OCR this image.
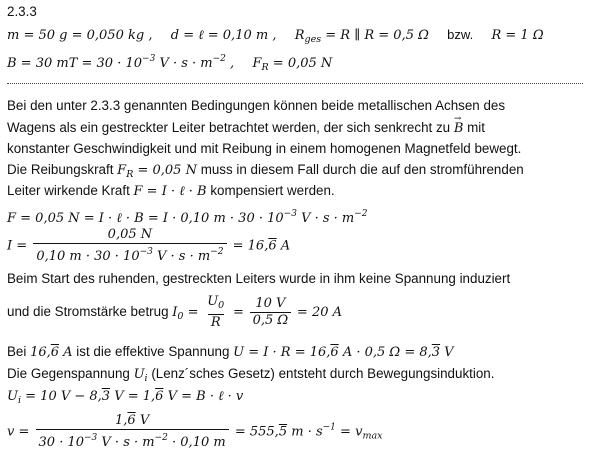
2.3.3
m = 50 g = 0,050 kg , d = ℓ = 0,10 m , $R_{ges} = R$ ∥ R = 0,5 Ω bzw. R = 1 Ω
B = 30 mT = $30 \cdot 10^{-3}$ $V \cdot s \cdot m^{-2}$ , $F_R = 0,05$ N
Bei den unter 2.3.3 genannten Bedingungen können beide metallischen Achsen des
Wagens als ein gestreckter Leiter betrachtet werden, der sich senkrecht zu → B mit
konstanter Geschwindigkeit und mit Reibung in einem homogenen Magnetfeld bewegt.
Die Reibungskraft $F_R = 0,05$ N muss in diesem Fall durch die auf den stromführenden
Leiter wirkende Kraft F = I · ℓ · B kompensiert werden.
F = 0,05 N = I · ℓ · B = I · 0,10 $m \cdot 30 \cdot 10^{-3}$ $V \cdot s \cdot m^{-2}$
$I = \frac{0,05 N}{0,10 m \cdot 30 \cdot 10^{-3} V \cdot s \cdot m^{-2}} = 16,6$ A
Beim Start des ruhenden, gestreckten Leiters wurde in ihm keine Spannung induziert
und die Stromstärke betrug $I_0 = \frac{U_0}{R} = \frac{10 V}{0,5 \Omega} = 20$ A
Bei 16,6 A ist die effektive Spannung U = I · R = 16,6 A · 0,5 Ω = 8,3 V
Die Gegenspannung $U_i$ (Lenz´sches Gesetz) entsteht durch Bewegungsinduktion.
$U_i = 10$ V − 8,3 V = 1,6 V = B · ℓ · v
$v = \frac{1,6 V}{30 \cdot 10^{-3} V \cdot s \cdot m^{-2} \cdot 0,10 m} = 555,5$ $m \cdot s^{-1} = v_{max}$
